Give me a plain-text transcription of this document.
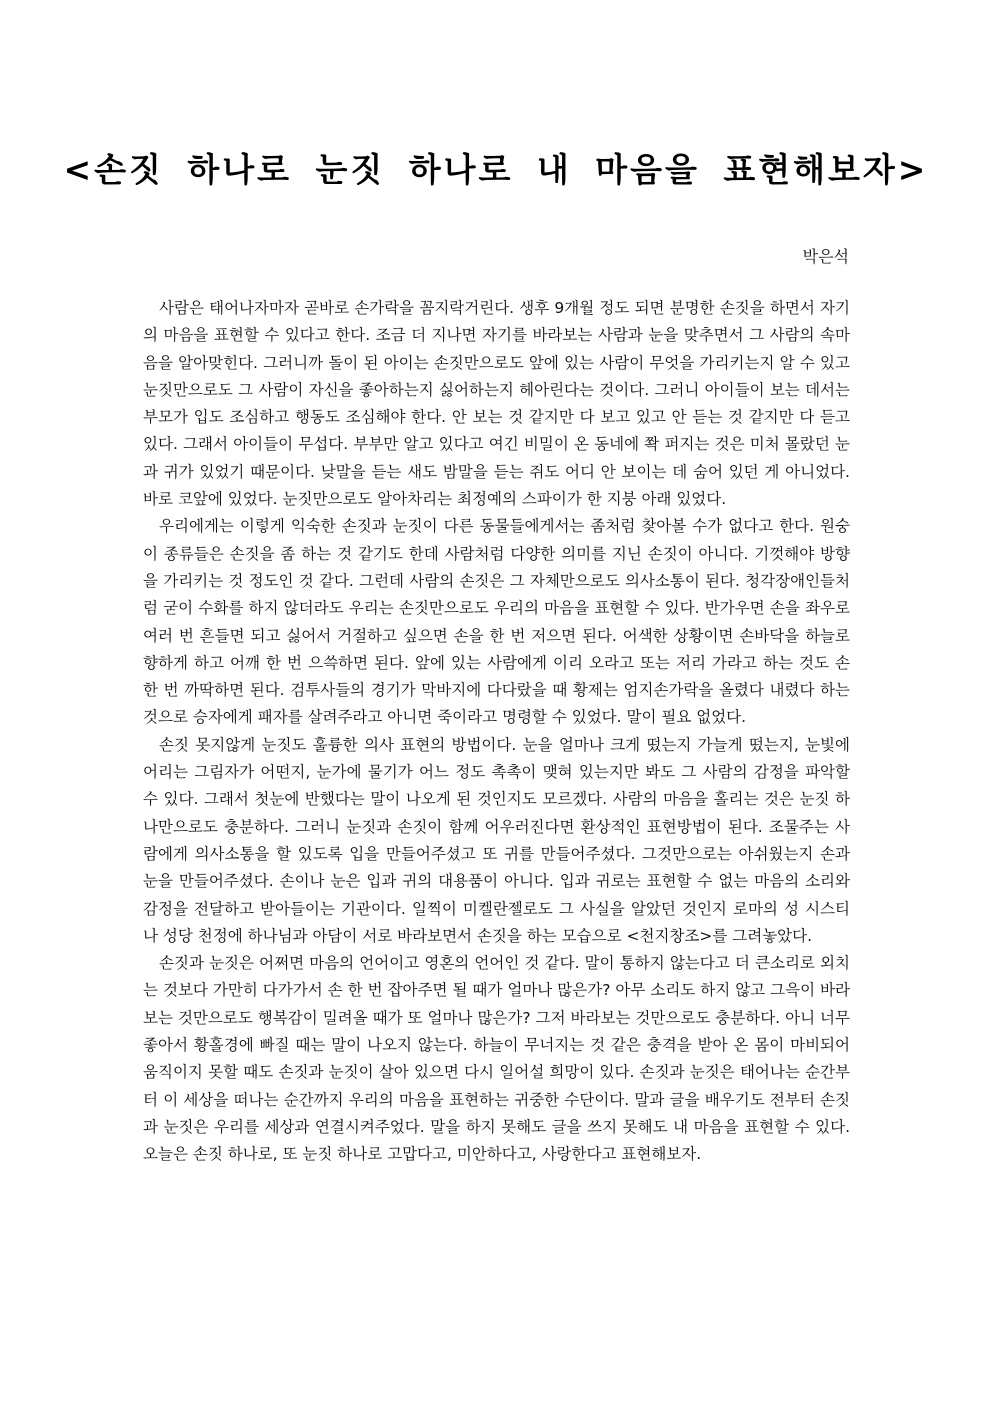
<손짓 하나로 눈짓 하나로 내 마음을 표현해보자>
박은석

사람은 태어나자마자 곧바로 손가락을 꼼지락거린다. 생후 9개월 정도 되면 분명한 손짓을 하면서 자기의 마음을 표현할 수 있다고 한다. 조금 더 지나면 자기를 바라보는 사람과 눈을 맞추면서 그 사람의 속마음을 알아맞힌다. 그러니까 돌이 된 아이는 손짓만으로도 앞에 있는 사람이 무엇을 가리키는지 알 수 있고 눈짓만으로도 그 사람이 자신을 좋아하는지 싫어하는지 헤아린다는 것이다. 그러니 아이들이 보는 데서는 부모가 입도 조심하고 행동도 조심해야 한다. 안 보는 것 같지만 다 보고 있고 안 듣는 것 같지만 다 듣고 있다. 그래서 아이들이 무섭다. 부부만 알고 있다고 여긴 비밀이 온 동네에 쫙 퍼지는 것은 미처 몰랐던 눈과 귀가 있었기 때문이다. 낮말을 듣는 새도 밤말을 듣는 쥐도 어디 안 보이는 데 숨어 있던 게 아니었다. 바로 코앞에 있었다. 눈짓만으로도 알아차리는 최정예의 스파이가 한 지붕 아래 있었다.

우리에게는 이렇게 익숙한 손짓과 눈짓이 다른 동물들에게서는 좀처럼 찾아볼 수가 없다고 한다. 원숭이 종류들은 손짓을 좀 하는 것 같기도 한데 사람처럼 다양한 의미를 지닌 손짓이 아니다. 기껏해야 방향을 가리키는 것 정도인 것 같다. 그런데 사람의 손짓은 그 자체만으로도 의사소통이 된다. 청각장애인들처럼 굳이 수화를 하지 않더라도 우리는 손짓만으로도 우리의 마음을 표현할 수 있다. 반가우면 손을 좌우로 여러 번 흔들면 되고 싫어서 거절하고 싶으면 손을 한 번 저으면 된다. 어색한 상황이면 손바닥을 하늘로 향하게 하고 어깨 한 번 으쓱하면 된다. 앞에 있는 사람에게 이리 오라고 또는 저리 가라고 하는 것도 손 한 번 까딱하면 된다. 검투사들의 경기가 막바지에 다다랐을 때 황제는 엄지손가락을 올렸다 내렸다 하는 것으로 승자에게 패자를 살려주라고 아니면 죽이라고 명령할 수 있었다. 말이 필요 없었다.

손짓 못지않게 눈짓도 훌륭한 의사 표현의 방법이다. 눈을 얼마나 크게 떴는지 가늘게 떴는지, 눈빛에 어리는 그림자가 어떤지, 눈가에 물기가 어느 정도 촉촉이 맺혀 있는지만 봐도 그 사람의 감정을 파악할 수 있다. 그래서 첫눈에 반했다는 말이 나오게 된 것인지도 모르겠다. 사람의 마음을 홀리는 것은 눈짓 하나만으로도 충분하다. 그러니 눈짓과 손짓이 함께 어우러진다면 환상적인 표현방법이 된다. 조물주는 사람에게 의사소통을 할 있도록 입을 만들어주셨고 또 귀를 만들어주셨다. 그것만으로는 아쉬웠는지 손과 눈을 만들어주셨다. 손이나 눈은 입과 귀의 대용품이 아니다. 입과 귀로는 표현할 수 없는 마음의 소리와 감정을 전달하고 받아들이는 기관이다. 일찍이 미켈란젤로도 그 사실을 알았던 것인지 로마의 성 시스티나 성당 천정에 하나님과 아담이 서로 바라보면서 손짓을 하는 모습으로 <천지창조>를 그려놓았다.

손짓과 눈짓은 어쩌면 마음의 언어이고 영혼의 언어인 것 같다. 말이 통하지 않는다고 더 큰소리로 외치는 것보다 가만히 다가가서 손 한 번 잡아주면 될 때가 얼마나 많은가? 아무 소리도 하지 않고 그윽이 바라보는 것만으로도 행복감이 밀려올 때가 또 얼마나 많은가? 그저 바라보는 것만으로도 충분하다. 아니 너무 좋아서 황홀경에 빠질 때는 말이 나오지 않는다. 하늘이 무너지는 것 같은 충격을 받아 온 몸이 마비되어 움직이지 못할 때도 손짓과 눈짓이 살아 있으면 다시 일어설 희망이 있다. 손짓과 눈짓은 태어나는 순간부터 이 세상을 떠나는 순간까지 우리의 마음을 표현하는 귀중한 수단이다. 말과 글을 배우기도 전부터 손짓과 눈짓은 우리를 세상과 연결시켜주었다. 말을 하지 못해도 글을 쓰지 못해도 내 마음을 표현할 수 있다. 오늘은 손짓 하나로, 또 눈짓 하나로 고맙다고, 미안하다고, 사랑한다고 표현해보자.
